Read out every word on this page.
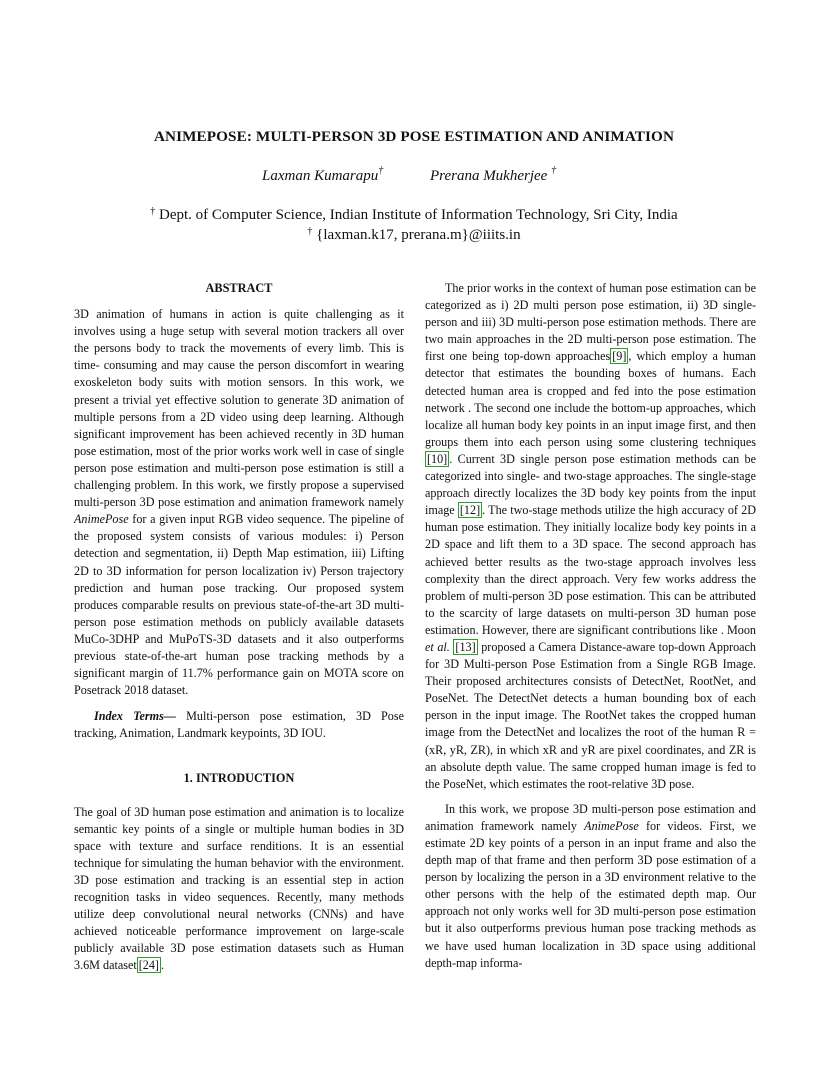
ANIMEPOSE: MULTI-PERSON 3D POSE ESTIMATION AND ANIMATION
Laxman Kumarapu†	Prerana Mukherjee †
† Dept. of Computer Science, Indian Institute of Information Technology, Sri City, India
† {laxman.k17, prerana.m}@iiits.in
ABSTRACT

3D animation of humans in action is quite challenging as it involves using a huge setup with several motion trackers all over the persons body to track the movements of every limb. This is time- consuming and may cause the person discomfort in wearing exoskeleton body suits with motion sensors. In this work, we present a trivial yet effective solution to generate 3D animation of multiple persons from a 2D video using deep learning. Although significant improvement has been achieved recently in 3D human pose estimation, most of the prior works work well in case of single person pose estimation and multi-person pose estimation is still a challenging problem. In this work, we firstly propose a supervised multi-person 3D pose estimation and animation framework namely AnimePose for a given input RGB video sequence. The pipeline of the proposed system consists of various modules: i) Person detection and segmentation, ii) Depth Map estimation, iii) Lifting 2D to 3D information for person localization iv) Person trajectory prediction and human pose tracking. Our proposed system produces comparable results on previous state-of-the-art 3D multi-person pose estimation methods on publicly available datasets MuCo-3DHP and MuPoTS-3D datasets and it also outperforms previous state-of-the-art human pose tracking methods by a significant margin of 11.7% performance gain on MOTA score on Posetrack 2018 dataset.

Index Terms— Multi-person pose estimation, 3D Pose tracking, Animation, Landmark keypoints, 3D IOU.

1. INTRODUCTION

The goal of 3D human pose estimation and animation is to localize semantic key points of a single or multiple human bodies in 3D space with texture and surface renditions. It is an essential technique for simulating the human behavior with the environment. 3D pose estimation and tracking is an essential step in action recognition tasks in video sequences. Recently, many methods utilize deep convolutional neural networks (CNNs) and have achieved noticeable performance improvement on large-scale publicly available 3D pose estimation datasets such as Human 3.6M dataset [24] .

The prior works in the context of human pose estimation can be categorized as i) 2D multi person pose estimation, ii) 3D single-person and iii) 3D multi-person pose estimation methods. There are two main approaches in the 2D multi-person pose estimation. The first one being top-down approaches [9] , which employ a human detector that estimates the bounding boxes of humans. Each detected human area is cropped and fed into the pose estimation network . The second one include the bottom-up approaches, which localize all human body key points in an input image first, and then groups them into each person using some clustering techniques [10] . Current 3D single person pose estimation methods can be categorized into single- and two-stage approaches. The single-stage approach directly localizes the 3D body key points from the input image [12] . The two-stage methods utilize the high accuracy of 2D human pose estimation. They initially localize body key points in a 2D space and lift them to a 3D space. The second approach has achieved better results as the two-stage approach involves less complexity than the direct approach. Very few works address the problem of multi-person 3D pose estimation. This can be attributed to the scarcity of large datasets on multi-person 3D human pose estimation. However, there are significant contributions like . Moon et al. [13] proposed a Camera Distance-aware top-down Approach for 3D Multi-person Pose Estimation from a Single RGB Image. Their proposed architectures consists of DetectNet, RootNet, and PoseNet. The DetectNet detects a human bounding box of each person in the input image. The RootNet takes the cropped human image from the DetectNet and localizes the root of the human R = (xR, yR, ZR), in which xR and yR are pixel coordinates, and ZR is an absolute depth value. The same cropped human image is fed to the PoseNet, which estimates the root-relative 3D pose.

In this work, we propose 3D multi-person pose estimation and animation framework namely AnimePose for videos. First, we estimate 2D key points of a person in an input frame and also the depth map of that frame and then perform 3D pose estimation of a person by localizing the person in a 3D environment relative to the other persons with the help of the estimated depth map. Our approach not only works well for 3D multi-person pose estimation but it also outperforms previous human pose tracking methods as we have used human localization in 3D space using additional depth-map informa-
